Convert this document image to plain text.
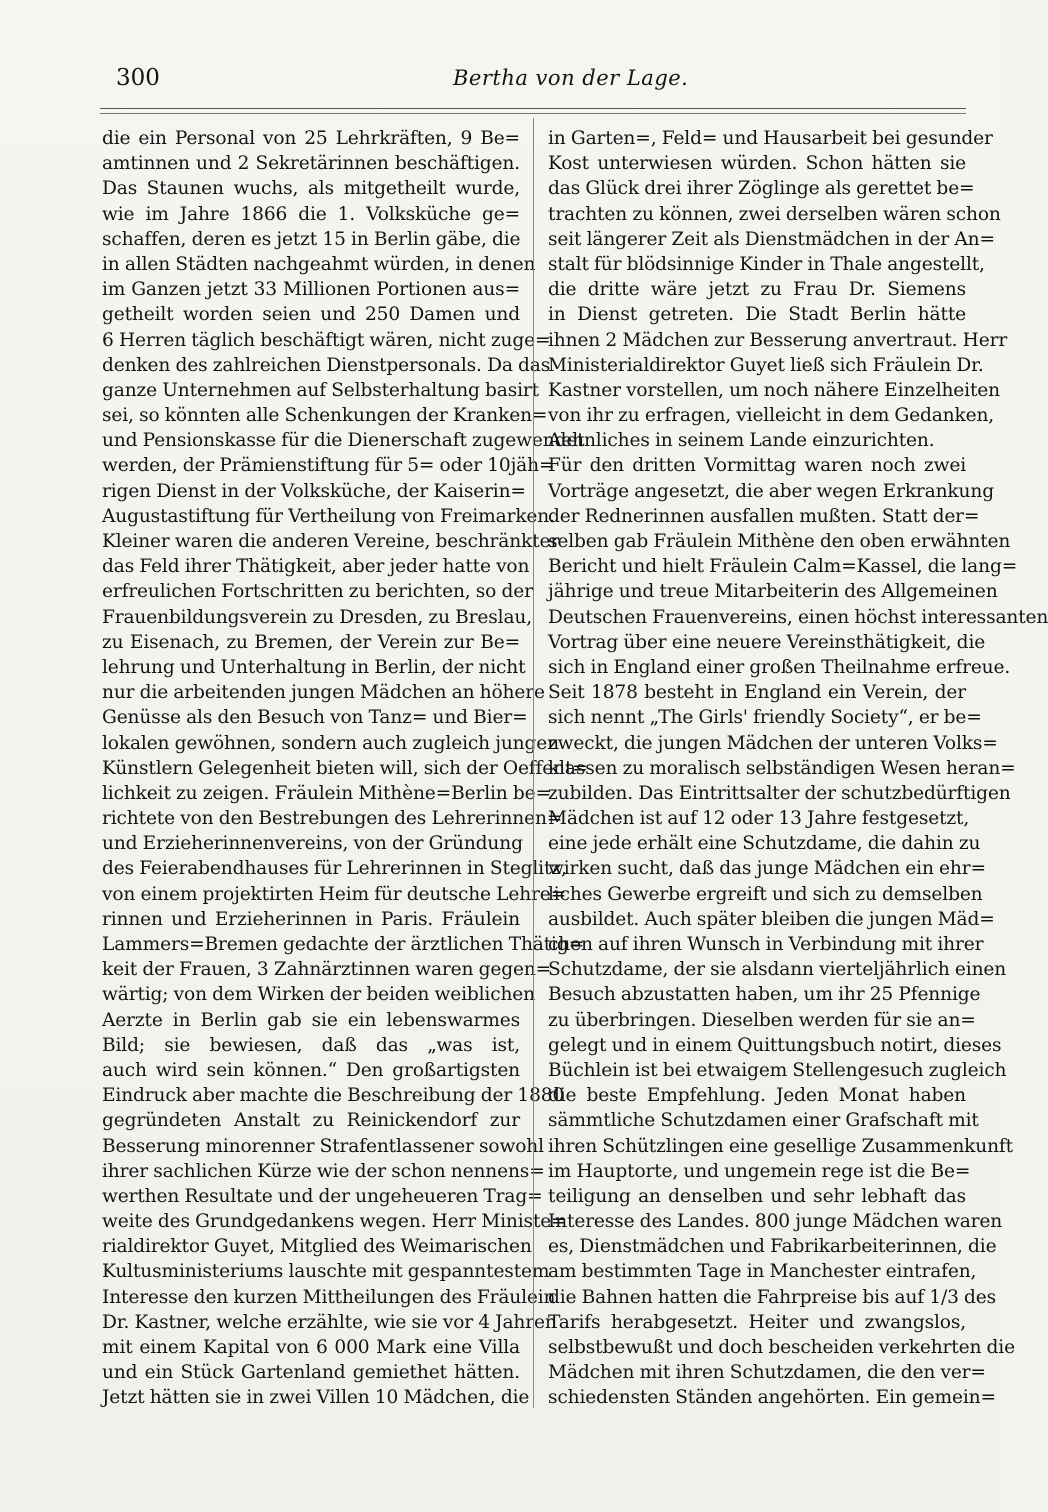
300	Bertha von der Lage.
die ein Personal von 25 Lehrkräften, 9 Be=
amtinnen und 2 Sekretärinnen beschäftigen.
Das Staunen wuchs, als mitgetheilt wurde,
wie im Jahre 1866 die 1. Volksküche ge=
schaffen, deren es jetzt 15 in Berlin gäbe, die
in allen Städten nachgeahmt würden, in denen
im Ganzen jetzt 33 Millionen Portionen aus=
getheilt worden seien und 250 Damen und
6 Herren täglich beschäftigt wären, nicht zuge=
denken des zahlreichen Dienstpersonals. Da das
ganze Unternehmen auf Selbsterhaltung basirt
sei, so könnten alle Schenkungen der Kranken=
und Pensionskasse für die Dienerschaft zugewendet
werden, der Prämienstiftung für 5= oder 10jäh=
rigen Dienst in der Volksküche, der Kaiserin=
Augustastiftung für Vertheilung von Freimarken.
Kleiner waren die anderen Vereine, beschränkter
das Feld ihrer Thätigkeit, aber jeder hatte von
erfreulichen Fortschritten zu berichten, so der
Frauenbildungsverein zu Dresden, zu Breslau,
zu Eisenach, zu Bremen, der Verein zur Be=
lehrung und Unterhaltung in Berlin, der nicht
nur die arbeitenden jungen Mädchen an höhere
Genüsse als den Besuch von Tanz= und Bier=
lokalen gewöhnen, sondern auch zugleich jungen
Künstlern Gelegenheit bieten will, sich der Oeffent=
lichkeit zu zeigen. Fräulein Mithène=Berlin be=
richtete von den Bestrebungen des Lehrerinnen=
und Erzieherinnenvereins, von der Gründung
des Feierabendhauses für Lehrerinnen in Steglitz,
von einem projektirten Heim für deutsche Lehre=
rinnen und Erzieherinnen in Paris. Fräulein
Lammers=Bremen gedachte der ärztlichen Thätig=
keit der Frauen, 3 Zahnärztinnen waren gegen=
wärtig; von dem Wirken der beiden weiblichen
Aerzte in Berlin gab sie ein lebenswarmes
Bild; sie bewiesen, daß das „was ist,
auch wird sein können.“ Den großartigsten
Eindruck aber machte die Beschreibung der 1880
gegründeten Anstalt zu Reinickendorf zur
Besserung minorenner Strafentlassener sowohl
ihrer sachlichen Kürze wie der schon nennens=
werthen Resultate und der ungeheueren Trag=
weite des Grundgedankens wegen. Herr Ministe=
rialdirektor Guyet, Mitglied des Weimarischen
Kultusministeriums lauschte mit gespanntestem
Interesse den kurzen Mittheilungen des Fräulein
Dr. Kastner, welche erzählte, wie sie vor 4 Jahren
mit einem Kapital von 6 000 Mark eine Villa
und ein Stück Gartenland gemiethet hätten.
Jetzt hätten sie in zwei Villen 10 Mädchen, die
in Garten=, Feld= und Hausarbeit bei gesunder
Kost unterwiesen würden. Schon hätten sie
das Glück drei ihrer Zöglinge als gerettet be=
trachten zu können, zwei derselben wären schon
seit längerer Zeit als Dienstmädchen in der An=
stalt für blödsinnige Kinder in Thale angestellt,
die dritte wäre jetzt zu Frau Dr. Siemens
in Dienst getreten. Die Stadt Berlin hätte
ihnen 2 Mädchen zur Besserung anvertraut. Herr
Ministerialdirektor Guyet ließ sich Fräulein Dr.
Kastner vorstellen, um noch nähere Einzelheiten
von ihr zu erfragen, vielleicht in dem Gedanken,
Aehnliches in seinem Lande einzurichten.
Für den dritten Vormittag waren noch zwei
Vorträge angesetzt, die aber wegen Erkrankung
der Rednerinnen ausfallen mußten. Statt der=
selben gab Fräulein Mithène den oben erwähnten
Bericht und hielt Fräulein Calm=Kassel, die lang=
jährige und treue Mitarbeiterin des Allgemeinen
Deutschen Frauenvereins, einen höchst interessanten
Vortrag über eine neuere Vereinsthätigkeit, die
sich in England einer großen Theilnahme erfreue.
Seit 1878 besteht in England ein Verein, der
sich nennt „The Girls' friendly Society“, er be=
zweckt, die jungen Mädchen der unteren Volks=
klassen zu moralisch selbständigen Wesen heran=
zubilden. Das Eintrittsalter der schutzbedürftigen
Mädchen ist auf 12 oder 13 Jahre festgesetzt,
eine jede erhält eine Schutzdame, die dahin zu
wirken sucht, daß das junge Mädchen ein ehr=
liches Gewerbe ergreift und sich zu demselben
ausbildet. Auch später bleiben die jungen Mäd=
chen auf ihren Wunsch in Verbindung mit ihrer
Schutzdame, der sie alsdann vierteljährlich einen
Besuch abzustatten haben, um ihr 25 Pfennige
zu überbringen. Dieselben werden für sie an=
gelegt und in einem Quittungsbuch notirt, dieses
Büchlein ist bei etwaigem Stellengesuch zugleich
die beste Empfehlung. Jeden Monat haben
sämmtliche Schutzdamen einer Grafschaft mit
ihren Schützlingen eine gesellige Zusammenkunft
im Hauptorte, und ungemein rege ist die Be=
teiligung an denselben und sehr lebhaft das
Interesse des Landes. 800 junge Mädchen waren
es, Dienstmädchen und Fabrikarbeiterinnen, die
am bestimmten Tage in Manchester eintrafen,
die Bahnen hatten die Fahrpreise bis auf 1/3 des
Tarifs herabgesetzt. Heiter und zwangslos,
selbstbewußt und doch bescheiden verkehrten die
Mädchen mit ihren Schutzdamen, die den ver=
schiedensten Ständen angehörten. Ein gemein=
